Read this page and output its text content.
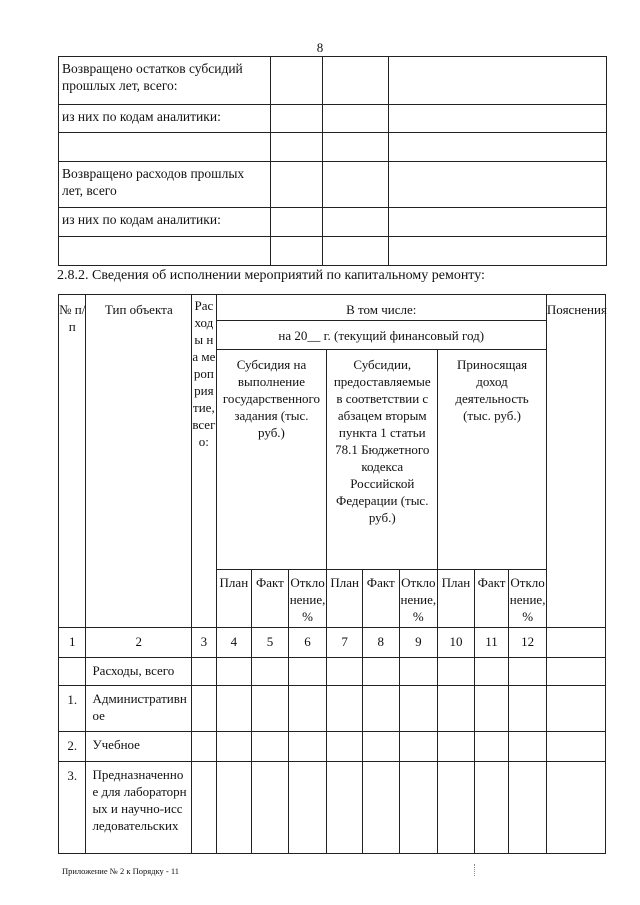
8
Возвращено остатков субсидий прошлых лет, всего:			
из них по кодам аналитики:			

Возвращено расходов прошлых лет, всего			
из них по кодам аналитики:			

2.8.2. Сведения об исполнении мероприятий по капитальному ремонту:
№ п/п	Тип объекта	Расходы на мероприятие, всего:	В том числе:									Пояснения
			на 20__ г. (текущий финансовый год)									
			Субсидия на выполнение государственного задания (тыс. руб.)			Субсидии, предоставляемые в соответствии с абзацем вторым пункта 1 статьи 78.1 Бюджетного кодекса Российской Федерации (тыс. руб.)			Приносящая доход деятельность (тыс. руб.)			
			План	Факт	Отклонение, %	План	Факт	Отклонение, %	План	Факт	Отклонение, %	
1	2	3	4	5	6	7	8	9	10	11	12	
	Расходы, всего											
1.	Административное											
2.	Учебное											
3.	Предназначенное для лабораторных и научно-исследовательских											
Приложение № 2 к Порядку - 11
